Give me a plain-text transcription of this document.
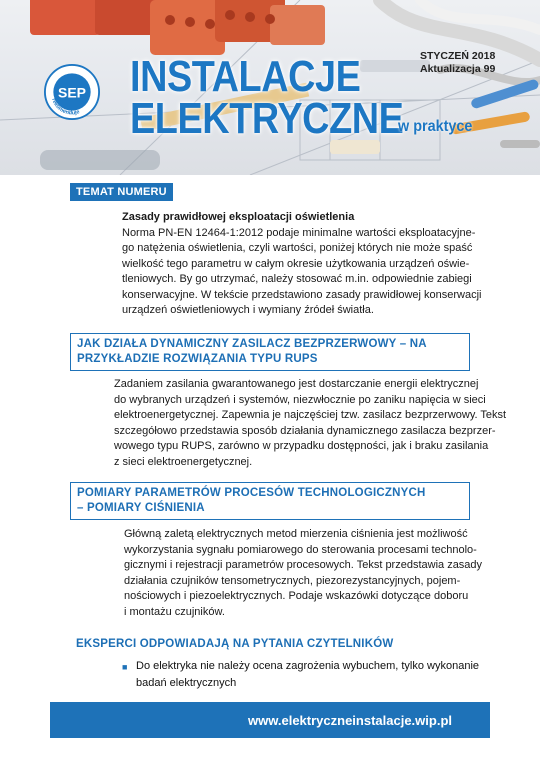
SEP
rekomenduje
STYCZEŃ 2018
Aktualizacja 99
INSTALACJE
ELEKTRYCZNE
w praktyce
TEMAT NUMERU
Zasady prawidłowej eksploatacji oświetlenia
Norma PN-EN 12464-1:2012 podaje minimalne wartości eksploatacyjne-
go natężenia oświetlenia, czyli wartości, poniżej których nie może spaść
wielkość tego parametru w całym okresie użytkowania urządzeń oświe-
tleniowych. By go utrzymać, należy stosować m.in. odpowiednie zabiegi
konserwacyjne. W tekście przedstawiono zasady prawidłowej konserwacji
urządzeń oświetleniowych i wymiany źródeł światła.
JAK DZIAŁA DYNAMICZNY ZASILACZ BEZPRZERWOWY – NA
PRZYKŁADZIE ROZWIĄZANIA TYPU RUPS
Zadaniem zasilania gwarantowanego jest dostarczanie energii elektrycznej
do wybranych urządzeń i systemów, niezwłocznie po zaniku napięcia w sieci
elektroenergetycznej. Zapewnia je najczęściej tzw. zasilacz bezprzerwowy. Tekst
szczegółowo przedstawia sposób działania dynamicznego zasilacza bezprzer-
wowego typu RUPS, zarówno w przypadku dostępności, jak i braku zasilania
z sieci elektroenergetycznej.
POMIARY PARAMETRÓW PROCESÓW TECHNOLOGICZNYCH
– POMIARY CIŚNIENIA
Główną zaletą elektrycznych metod mierzenia ciśnienia jest możliwość
wykorzystania sygnału pomiarowego do sterowania procesami technolo-
gicznymi i rejestracji parametrów procesowych. Tekst przedstawia zasady
działania czujników tensometrycznych, piezorezystancyjnych, pojem-
nościowych i piezoelektrycznych. Podaje wskazówki dotyczące doboru
i montażu czujników.
EKSPERCI ODPOWIADAJĄ NA PYTANIA CZYTELNIKÓW
■ Do elektryka nie należy ocena zagrożenia wybuchem, tylko wykonanie
badań elektrycznych
www.elektryczneinstalacje.wip.pl
